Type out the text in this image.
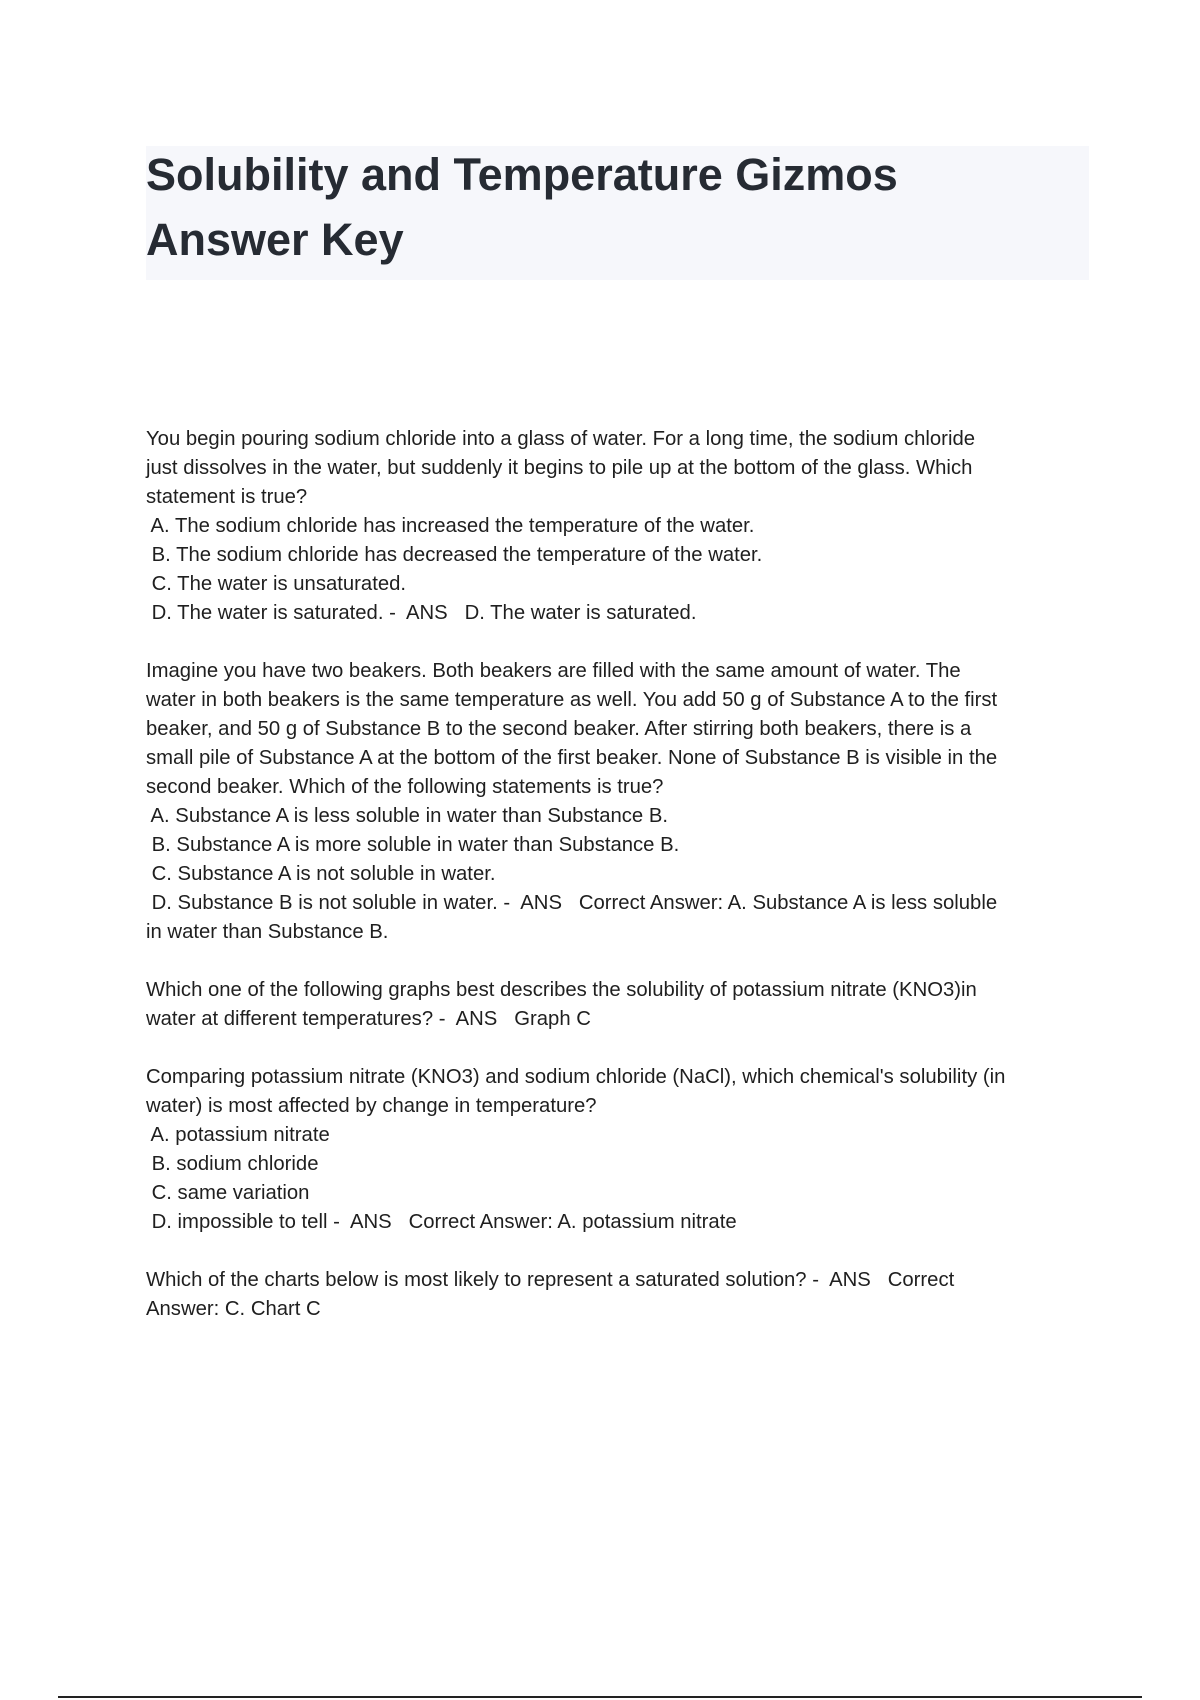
Solubility and Temperature Gizmos
Answer Key
You begin pouring sodium chloride into a glass of water. For a long time, the sodium chloride
just dissolves in the water, but suddenly it begins to pile up at the bottom of the glass. Which
statement is true?
A. The sodium chloride has increased the temperature of the water.
B. The sodium chloride has decreased the temperature of the water.
C. The water is unsaturated.
D. The water is saturated. -  ANS   D. The water is saturated.
Imagine you have two beakers. Both beakers are filled with the same amount of water. The
water in both beakers is the same temperature as well. You add 50 g of Substance A to the first
beaker, and 50 g of Substance B to the second beaker. After stirring both beakers, there is a
small pile of Substance A at the bottom of the first beaker. None of Substance B is visible in the
second beaker. Which of the following statements is true?
A. Substance A is less soluble in water than Substance B.
B. Substance A is more soluble in water than Substance B.
C. Substance A is not soluble in water.
D. Substance B is not soluble in water. -  ANS   Correct Answer: A. Substance A is less soluble
in water than Substance B.
Which one of the following graphs best describes the solubility of potassium nitrate (KNO3)in
water at different temperatures? -  ANS   Graph C
Comparing potassium nitrate (KNO3) and sodium chloride (NaCl), which chemical's solubility (in
water) is most affected by change in temperature?
A. potassium nitrate
B. sodium chloride
C. same variation
D. impossible to tell -  ANS   Correct Answer: A. potassium nitrate
Which of the charts below is most likely to represent a saturated solution? -  ANS   Correct
Answer: C. Chart C
